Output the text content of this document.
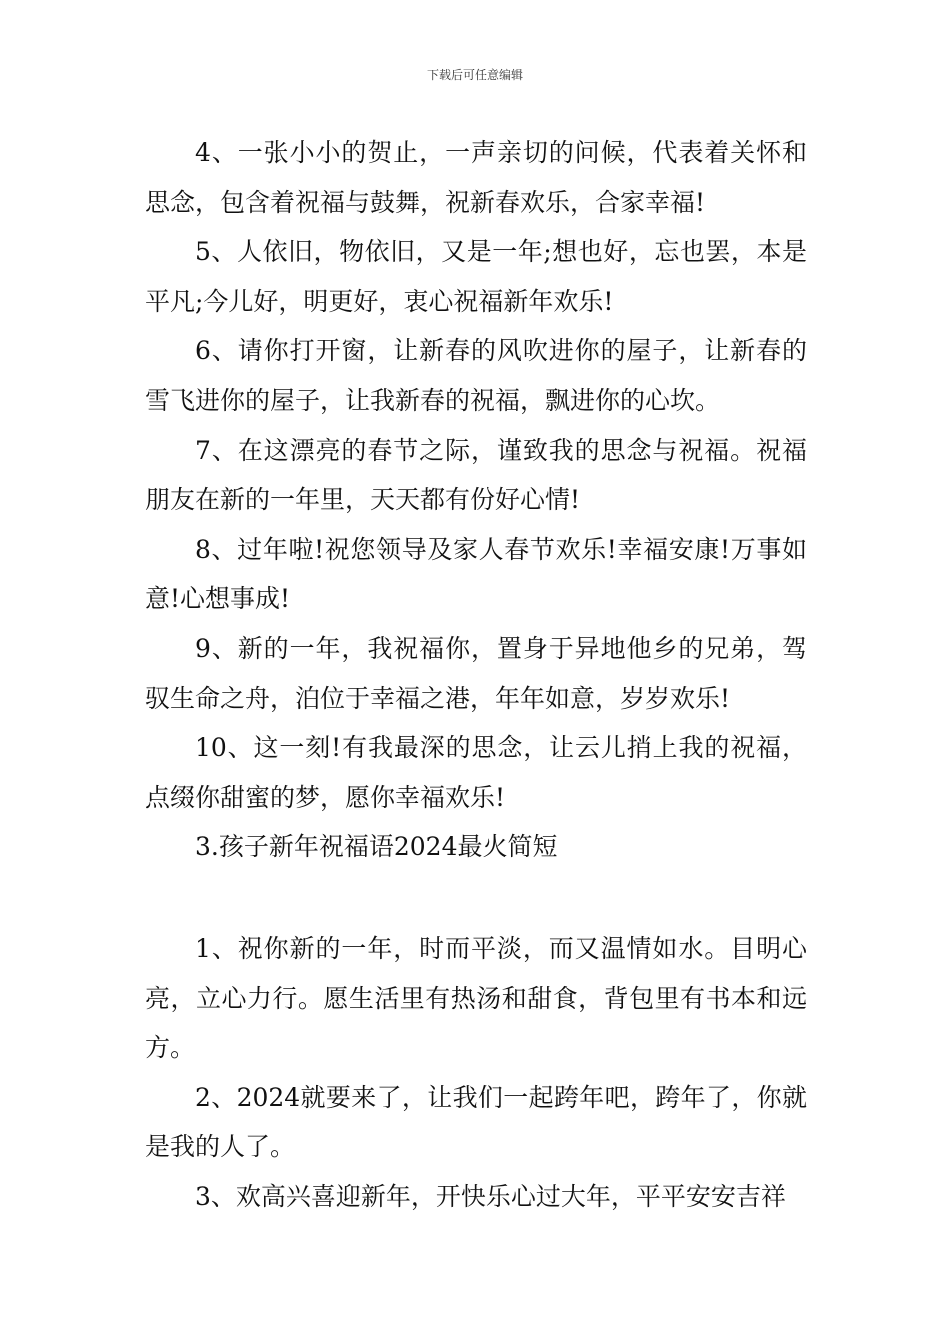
下载后可任意编辑

4、一张小小的贺止，一声亲切的问候，代表着关怀和思念，包含着祝福与鼓舞，祝新春欢乐，合家幸福!

5、人依旧，物依旧，又是一年;想也好，忘也罢，本是平凡;今儿好，明更好，衷心祝福新年欢乐!

6、请你打开窗，让新春的风吹进你的屋子，让新春的雪飞进你的屋子，让我新春的祝福，飘进你的心坎。

7、在这漂亮的春节之际，谨致我的思念与祝福。祝福朋友在新的一年里，天天都有份好心情!

8、过年啦!祝您领导及家人春节欢乐!幸福安康!万事如意!心想事成!

9、新的一年，我祝福你，置身于异地他乡的兄弟，驾驭生命之舟，泊位于幸福之港，年年如意，岁岁欢乐!

10、这一刻!有我最深的思念，让云儿捎上我的祝福，点缀你甜蜜的梦，愿你幸福欢乐!

3.孩子新年祝福语2024最火简短

1、祝你新的一年，时而平淡，而又温情如水。目明心亮，立心力行。愿生活里有热汤和甜食，背包里有书本和远方。

2、2024就要来了，让我们一起跨年吧，跨年了，你就是我的人了。

3、欢高兴喜迎新年，开快乐心过大年，平平安安吉祥
